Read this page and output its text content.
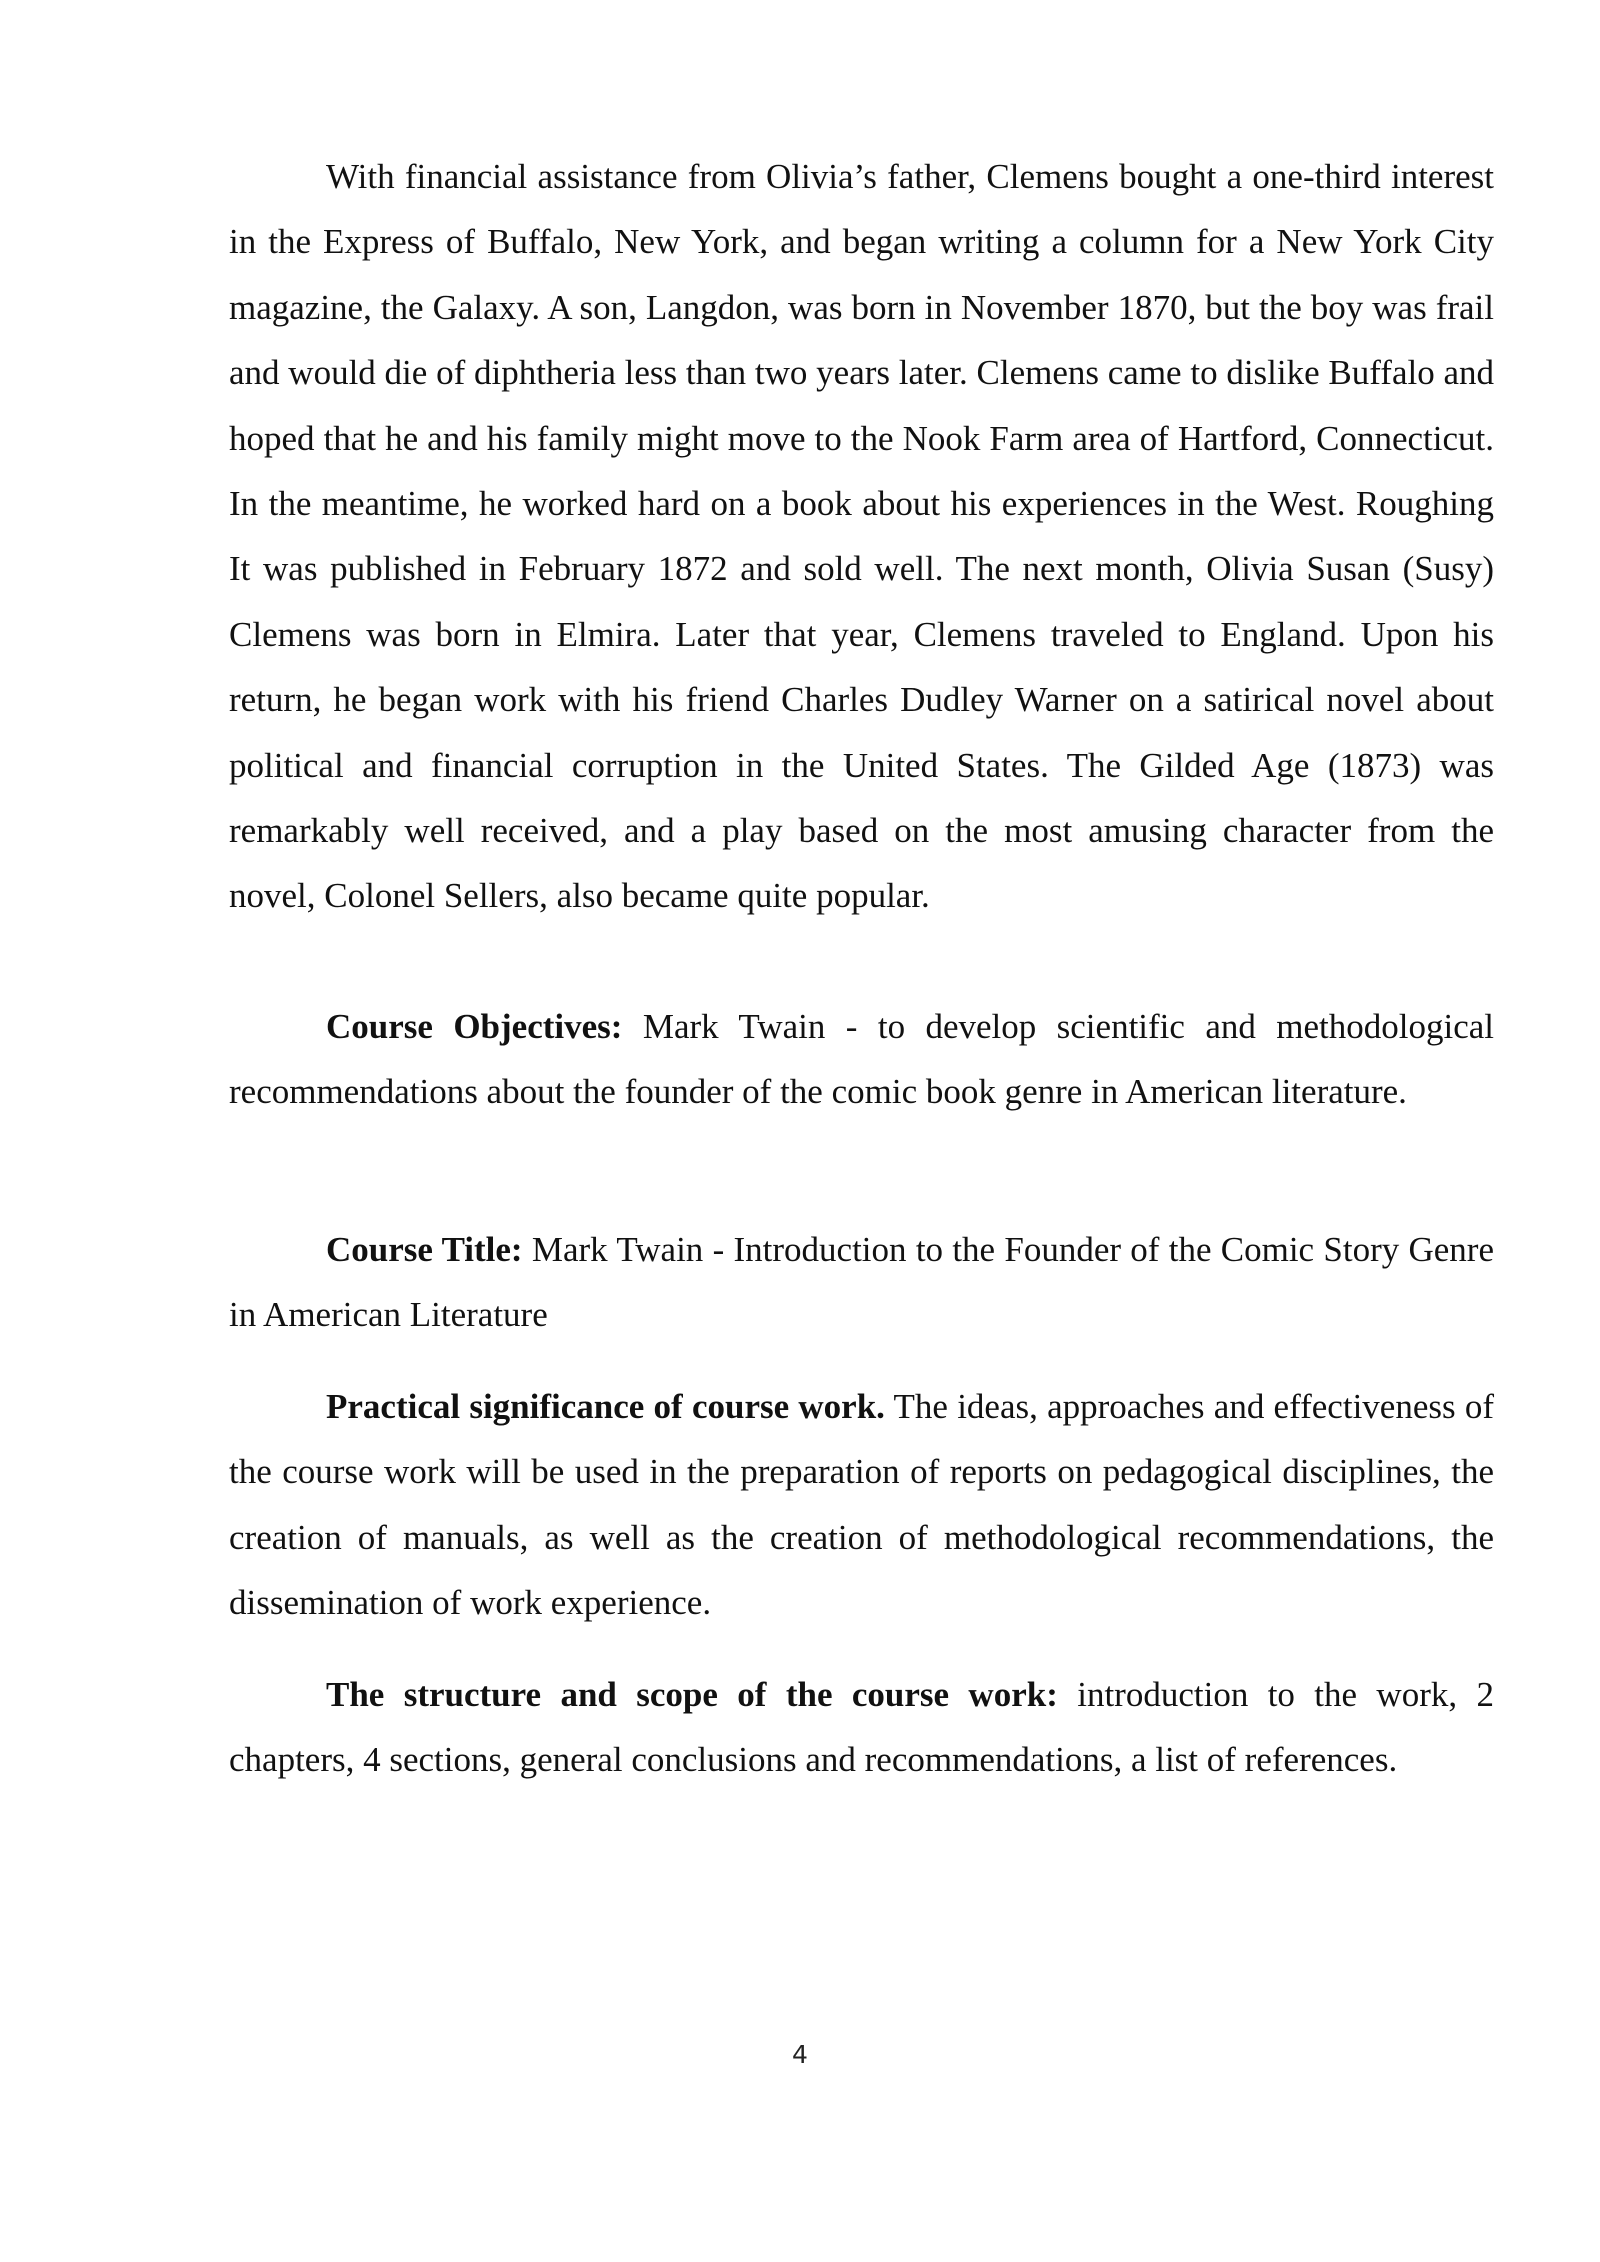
With financial assistance from Olivia’s father, Clemens bought a one-third interest in the Express of Buffalo, New York, and began writing a column for a New York City magazine, the Galaxy. A son, Langdon, was born in November 1870, but the boy was frail and would die of diphtheria less than two years later. Clemens came to dislike Buffalo and hoped that he and his family might move to the Nook Farm area of Hartford, Connecticut. In the meantime, he worked hard on a book about his experiences in the West. Roughing It was published in February 1872 and sold well. The next month, Olivia Susan (Susy) Clemens was born in Elmira. Later that year, Clemens traveled to England. Upon his return, he began work with his friend Charles Dudley Warner on a satirical novel about political and financial corruption in the United States. The Gilded Age (1873) was remarkably well received, and a play based on the most amusing character from the novel, Colonel Sellers, also became quite popular.

Course Objectives: Mark Twain - to develop scientific and methodological recommendations about the founder of the comic book genre in American literature.

Course Title: Mark Twain - Introduction to the Founder of the Comic Story Genre in American Literature

Practical significance of course work. The ideas, approaches and effectiveness of the course work will be used in the preparation of reports on pedagogical disciplines, the creation of manuals, as well as the creation of methodological recommendations, the dissemination of work experience.

The structure and scope of the course work: introduction to the work, 2 chapters, 4 sections, general conclusions and recommendations, a list of references.

4
